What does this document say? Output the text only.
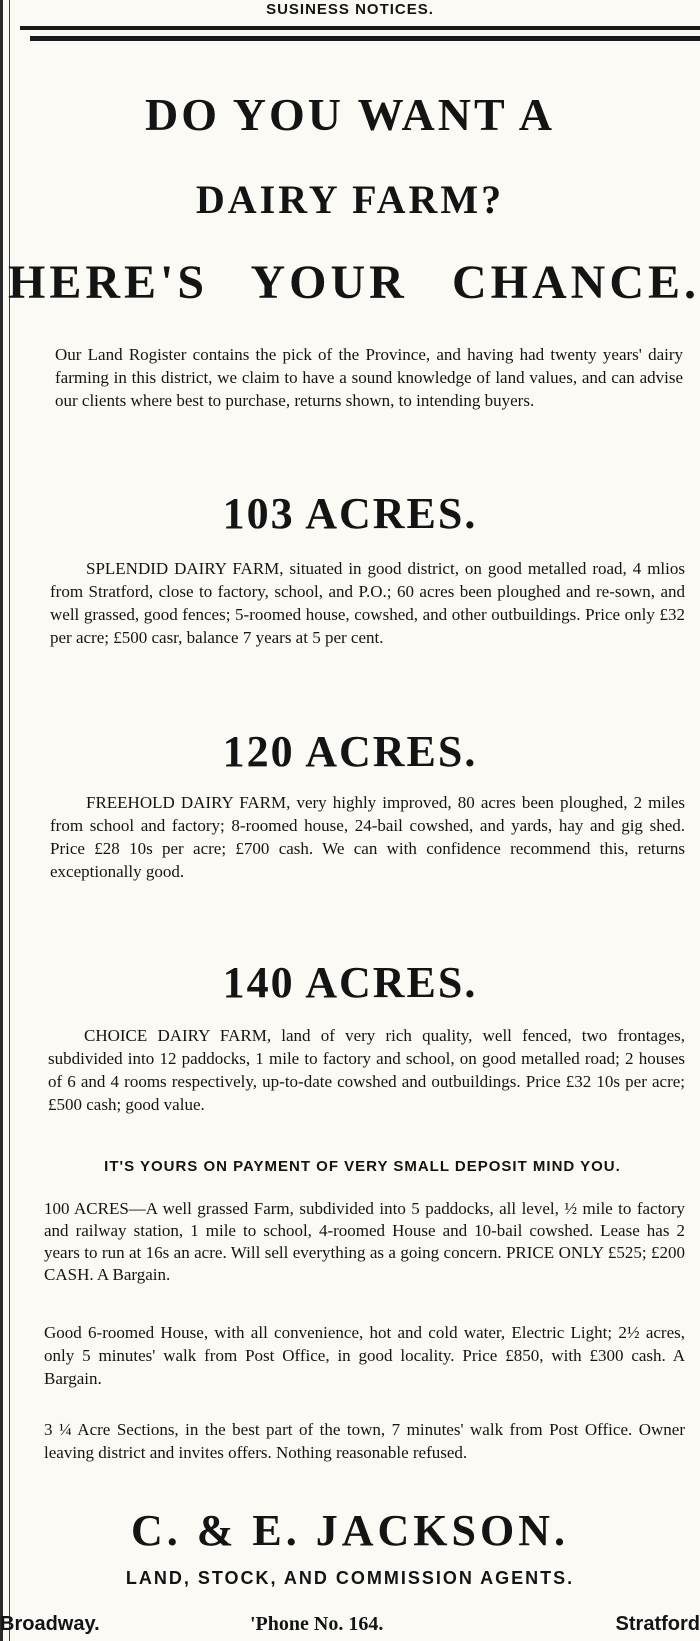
SUSINESS NOTICES.
DO YOU WANT A
DAIRY FARM?
HERE'S YOUR CHANCE.
Our Land Rogister contains the pick of the Province, and having had twenty years' dairy farming in this district, we claim to have a sound knowledge of land values, and can advise our clients where best to purchase, returns shown, to intending buyers.
103 ACRES.
SPLENDID DAIRY FARM, situated in good district, on good metalled road, 4 mlios from Stratford, close to factory, school, and P.O.; 60 acres been ploughed and re-sown, and well grassed, good fences; 5-roomed house, cowshed, and other outbuildings. Price only £32 per acre; £500 casr, balance 7 years at 5 per cent.
120 ACRES.
FREEHOLD DAIRY FARM, very highly improved, 80 acres been ploughed, 2 miles from school and factory; 8-roomed house, 24-bail cowshed, and yards, hay and gig shed. Price £28 10s per acre; £700 cash. We can with confidence recommend this, returns exceptionally good.
140 ACRES.
CHOICE DAIRY FARM, land of very rich quality, well fenced, two frontages, subdivided into 12 paddocks, 1 mile to factory and school, on good metalled road; 2 houses of 6 and 4 rooms respectively, up-to-date cowshed and outbuildings. Price £32 10s per acre; £500 cash; good value.
IT'S YOURS ON PAYMENT OF VERY SMALL DEPOSIT MIND YOU.
100 ACRES—A well grassed Farm, subdivided into 5 paddocks, all level, ½ mile to factory and railway station, 1 mile to school, 4-roomed House and 10-bail cowshed. Lease has 2 years to run at 16s an acre. Will sell everything as a going concern. PRICE ONLY £525; £200 CASH. A Bargain.
Good 6-roomed House, with all convenience, hot and cold water, Electric Light; 2½ acres, only 5 minutes' walk from Post Office, in good locality. Price £850, with £300 cash. A Bargain.
3 ¼ Acre Sections, in the best part of the town, 7 minutes' walk from Post Office. Owner leaving district and invites offers. Nothing reasonable refused.
C. & E. JACKSON.
LAND, STOCK, AND COMMISSION AGENTS.
Broadway.	'Phone No. 164.	Stratford
